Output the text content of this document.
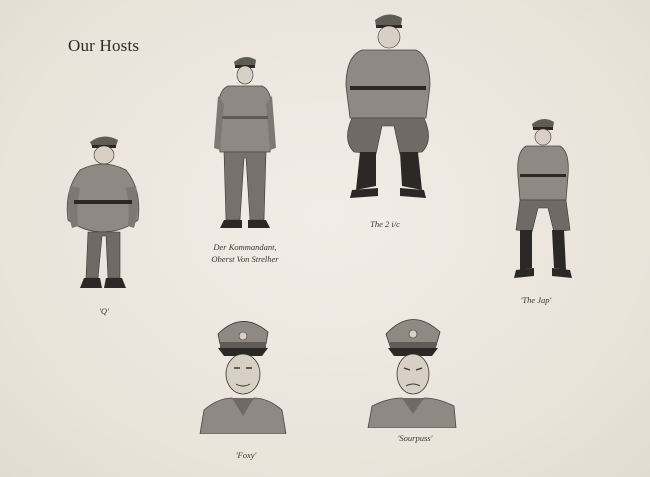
Our Hosts
'Q'
Der Kommandant,
Oberst Von Strelher
The 2 i/c
'The Jap'
'Foxy'
'Sourpuss'
